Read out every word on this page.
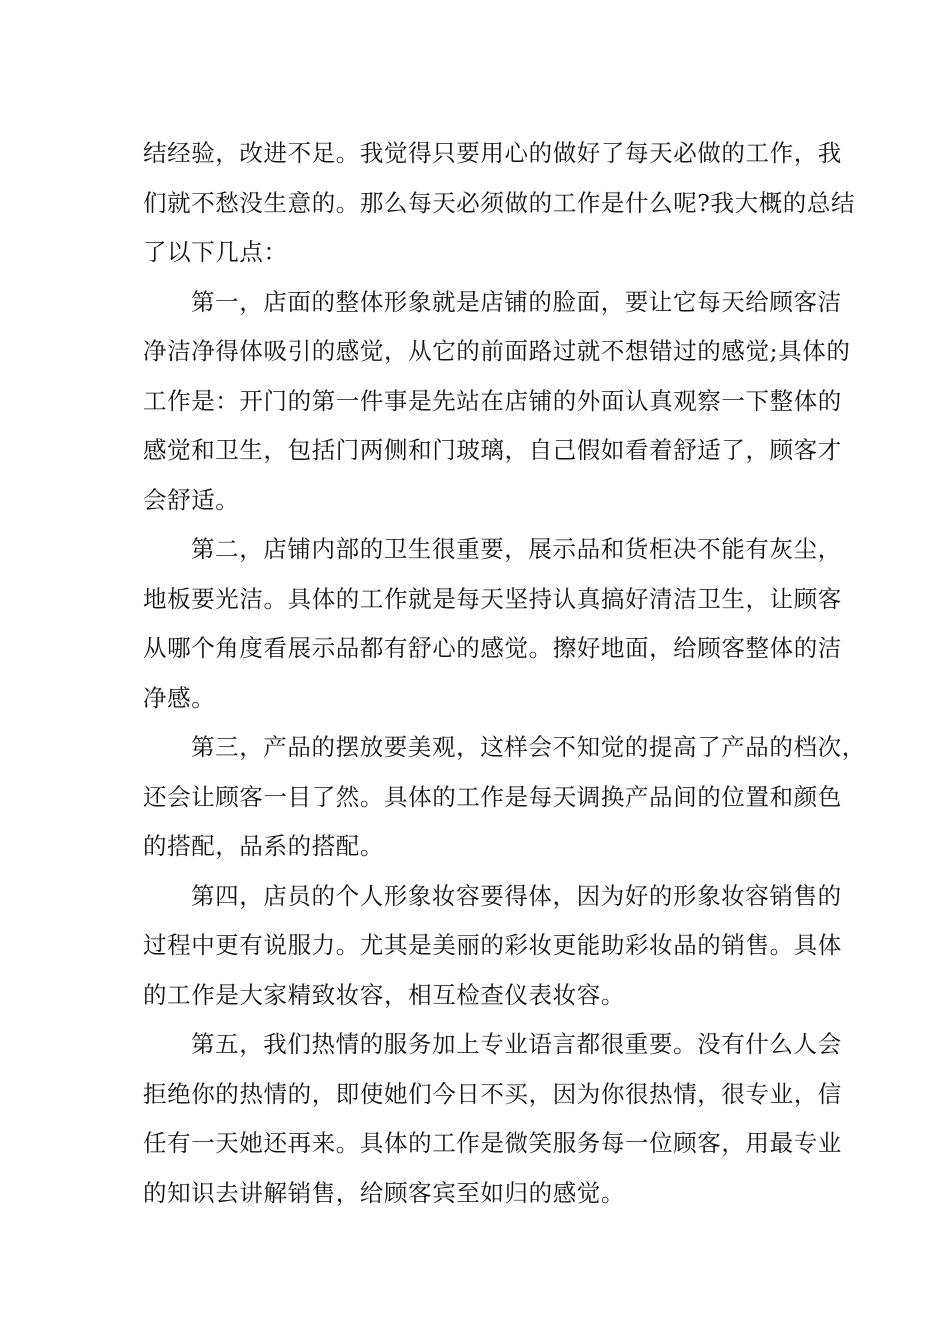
结经验，改进不足。我觉得只要用心的做好了每天必做的工作，我
们就不愁没生意的。那么每天必须做的工作是什么呢?我大概的总结
了以下几点：

第一，店面的整体形象就是店铺的脸面，要让它每天给顾客洁
净洁净得体吸引的感觉，从它的前面路过就不想错过的感觉;具体的
工作是：开门的第一件事是先站在店铺的外面认真观察一下整体的
感觉和卫生，包括门两侧和门玻璃，自己假如看着舒适了，顾客才
会舒适。

第二，店铺内部的卫生很重要，展示品和货柜决不能有灰尘，
地板要光洁。具体的工作就是每天坚持认真搞好清洁卫生，让顾客
从哪个角度看展示品都有舒心的感觉。擦好地面，给顾客整体的洁
净感。

第三，产品的摆放要美观，这样会不知觉的提高了产品的档次，
还会让顾客一目了然。具体的工作是每天调换产品间的位置和颜色
的搭配，品系的搭配。

第四，店员的个人形象妆容要得体，因为好的形象妆容销售的
过程中更有说服力。尤其是美丽的彩妆更能助彩妆品的销售。具体
的工作是大家精致妆容，相互检查仪表妆容。

第五，我们热情的服务加上专业语言都很重要。没有什么人会
拒绝你的热情的，即使她们今日不买，因为你很热情，很专业，信
任有一天她还再来。具体的工作是微笑服务每一位顾客，用最专业
的知识去讲解销售，给顾客宾至如归的感觉。
